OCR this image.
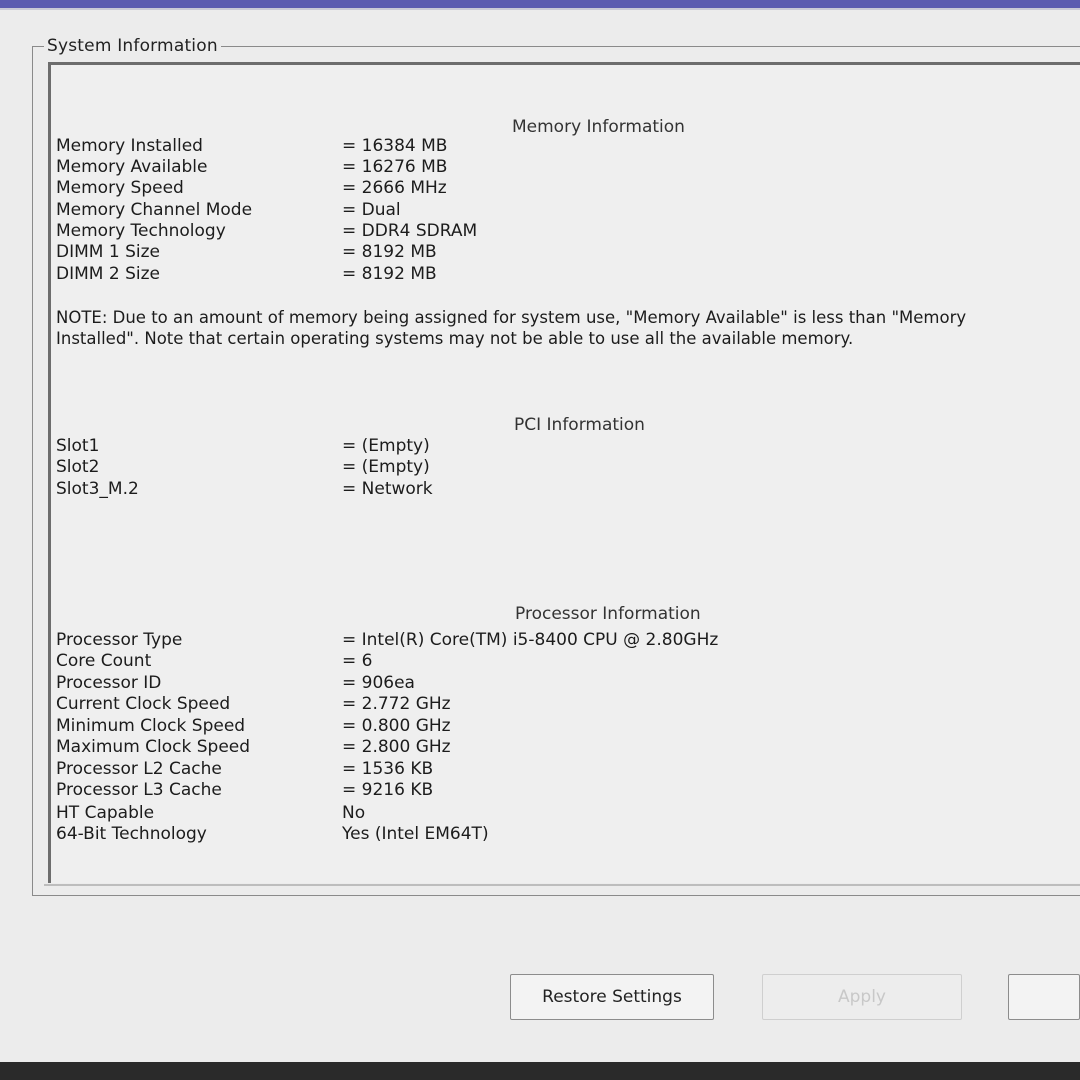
System Information
Memory Information
Memory Installed	= 16384 MB
Memory Available	= 16276 MB
Memory Speed	= 2666 MHz
Memory Channel Mode	= Dual
Memory Technology	= DDR4 SDRAM
DIMM 1 Size	= 8192 MB
DIMM 2 Size	= 8192 MB
NOTE: Due to an amount of memory being assigned for system use, "Memory Available" is less than "Memory Installed". Note that certain operating systems may not be able to use all the available memory.
PCI Information
Slot1	= (Empty)
Slot2	= (Empty)
Slot3_M.2	= Network
Processor Information
Processor Type	= Intel(R) Core(TM) i5-8400 CPU @ 2.80GHz
Core Count	= 6
Processor ID	= 906ea
Current Clock Speed	= 2.772 GHz
Minimum Clock Speed	= 0.800 GHz
Maximum Clock Speed	= 2.800 GHz
Processor L2 Cache	= 1536 KB
Processor L3 Cache	= 9216 KB
HT Capable	No
64-Bit Technology	Yes (Intel EM64T)
Restore Settings	Apply
